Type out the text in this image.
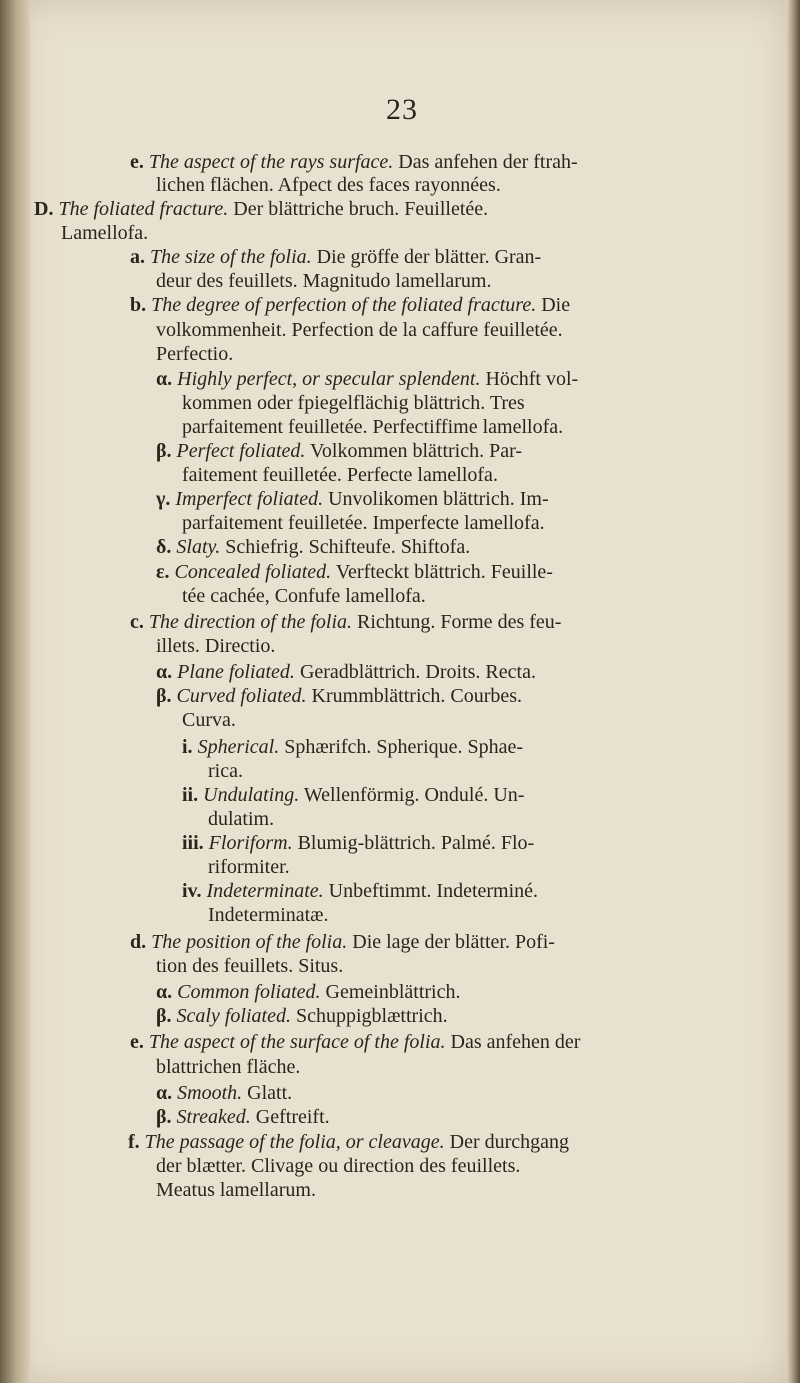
23
e. The aspect of the rays surface. Das anfehen der ftrah-
lichen flächen. Afpect des faces rayonnées.
D. The foliated fracture. Der blättriche bruch. Feuilletée.
Lamellofa.
a. The size of the folia. Die gröffe der blätter. Gran-
deur des feuillets. Magnitudo lamellarum.
b. The degree of perfection of the foliated fracture. Die
volkommenheit. Perfection de la caffure feuilletée.
Perfectio.
α. Highly perfect, or specular splendent. Höchft vol-
kommen oder fpiegelflächig blättrich. Tres
parfaitement feuilletée. Perfectiffime lamellofa.
β. Perfect foliated. Volkommen blättrich. Par-
faitement feuilletée. Perfecte lamellofa.
γ. Imperfect foliated. Unvolikomen blättrich. Im-
parfaitement feuilletée. Imperfecte lamellofa.
δ. Slaty. Schiefrig. Schifteufe. Shiftofa.
ε. Concealed foliated. Verfteckt blättrich. Feuille-
tée cachée, Confufe lamellofa.
c. The direction of the folia. Richtung. Forme des feu-
illets. Directio.
α. Plane foliated. Geradblättrich. Droits. Recta.
β. Curved foliated. Krummblättrich. Courbes.
Curva.
i. Spherical. Sphærifch. Spherique. Sphae-
rica.
ii. Undulating. Wellenförmig. Ondulé. Un-
dulatim.
iii. Floriform. Blumig-blättrich. Palmé. Flo-
riformiter.
iv. Indeterminate. Unbeftimmt. Indeterminé.
Indeterminatæ.
d. The position of the folia. Die lage der blätter. Pofi-
tion des feuillets. Situs.
α. Common foliated. Gemeinblättrich.
β. Scaly foliated. Schuppigblættrich.
e. The aspect of the surface of the folia. Das anfehen der
blattrichen fläche.
α. Smooth. Glatt.
β. Streaked. Geftreift.
f. The passage of the folia, or cleavage. Der durchgang
der blætter. Clivage ou direction des feuillets.
Meatus lamellarum.
